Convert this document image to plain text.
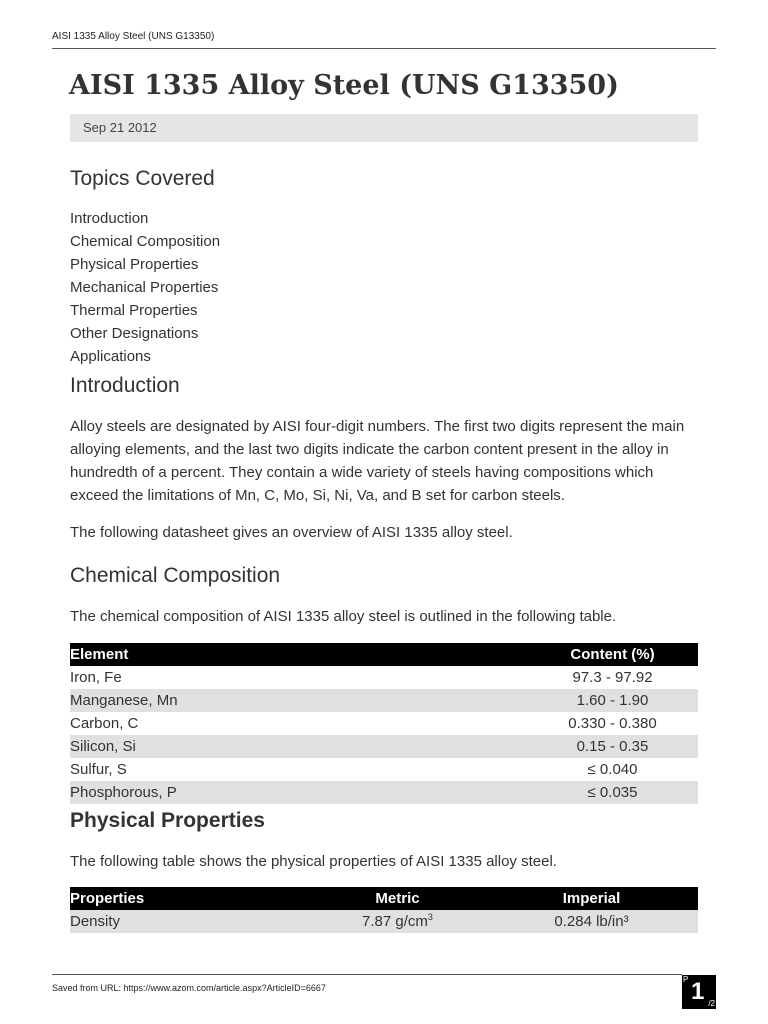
AISI 1335 Alloy Steel (UNS G13350)
AISI 1335 Alloy Steel (UNS G13350)
Sep 21 2012
Topics Covered
Introduction
Chemical Composition
Physical Properties
Mechanical Properties
Thermal Properties
Other Designations
Applications
Introduction

Alloy steels are designated by AISI four-digit numbers. The first two digits represent the main alloying elements, and the last two digits indicate the carbon content present in the alloy in hundredth of a percent. They contain a wide variety of steels having compositions which exceed the limitations of Mn, C, Mo, Si, Ni, Va, and B set for carbon steels.

The following datasheet gives an overview of AISI 1335 alloy steel.

Chemical Composition

The chemical composition of AISI 1335 alloy steel is outlined in the following table.

Element	Content (%)
Iron, Fe	97.3 - 97.92
Manganese, Mn	1.60 - 1.90
Carbon, C	0.330 - 0.380
Silicon, Si	0.15 - 0.35
Sulfur, S	≤ 0.040
Phosphorous, P	≤ 0.035
Physical Properties

The following table shows the physical properties of AISI 1335 alloy steel.

Properties	Metric	Imperial
Density	7.87 $g/cm^3$	0.284 lb/in³
Saved from URL: https://www.azom.com/article.aspx?ArticleID=6667
P 1 /2
